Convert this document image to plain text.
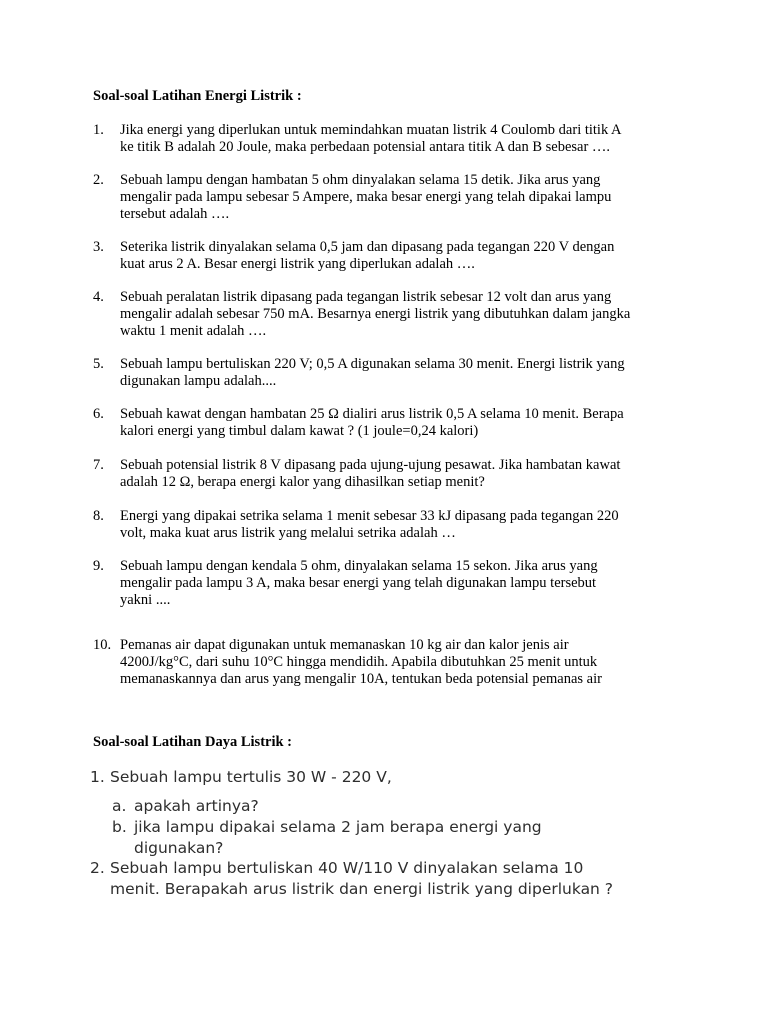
Soal-soal Latihan Energi Listrik :
1. Jika energi yang diperlukan untuk memindahkan muatan listrik 4 Coulomb dari titik A
ke titik B adalah 20 Joule, maka perbedaan potensial antara titik A dan B sebesar ….
2. Sebuah lampu dengan hambatan 5 ohm dinyalakan selama 15 detik. Jika arus yang
mengalir pada lampu sebesar 5 Ampere, maka besar energi yang telah dipakai lampu
tersebut adalah ….
3. Seterika listrik dinyalakan selama 0,5 jam dan dipasang pada tegangan 220 V dengan
kuat arus 2 A. Besar energi listrik yang diperlukan adalah ….
4. Sebuah peralatan listrik dipasang pada tegangan listrik sebesar 12 volt dan arus yang
mengalir adalah sebesar 750 mA. Besarnya energi listrik yang dibutuhkan dalam jangka
waktu 1 menit adalah ….
5. Sebuah lampu bertuliskan 220 V; 0,5 A digunakan selama 30 menit. Energi listrik yang
digunakan lampu adalah....
6. Sebuah kawat dengan hambatan 25 Ω dialiri arus listrik 0,5 A selama 10 menit. Berapa
kalori energi yang timbul dalam kawat ? (1 joule=0,24 kalori)
7. Sebuah potensial listrik 8 V dipasang pada ujung-ujung pesawat. Jika hambatan kawat
adalah 12 Ω, berapa energi kalor yang dihasilkan setiap menit?
8. Energi yang dipakai setrika selama 1 menit sebesar 33 kJ dipasang pada tegangan 220
volt, maka kuat arus listrik yang melalui setrika adalah …
9. Sebuah lampu dengan kendala 5 ohm, dinyalakan selama 15 sekon. Jika arus yang
mengalir pada lampu 3 A, maka besar energi yang telah digunakan lampu tersebut
yakni ....
10. Pemanas air dapat digunakan untuk memanaskan 10 kg air dan kalor jenis air
4200J/kg°C, dari suhu 10°C hingga mendidih. Apabila dibutuhkan 25 menit untuk
memanaskannya dan arus yang mengalir 10A, tentukan beda potensial pemanas air
Soal-soal Latihan Daya Listrik :
1. Sebuah lampu tertulis 30 W - 220 V,
a. apakah artinya?
b. jika lampu dipakai selama 2 jam berapa energi yang
digunakan?
2. Sebuah lampu bertuliskan 40 W/110 V dinyalakan selama 10
menit. Berapakah arus listrik dan energi listrik yang diperlukan ?
